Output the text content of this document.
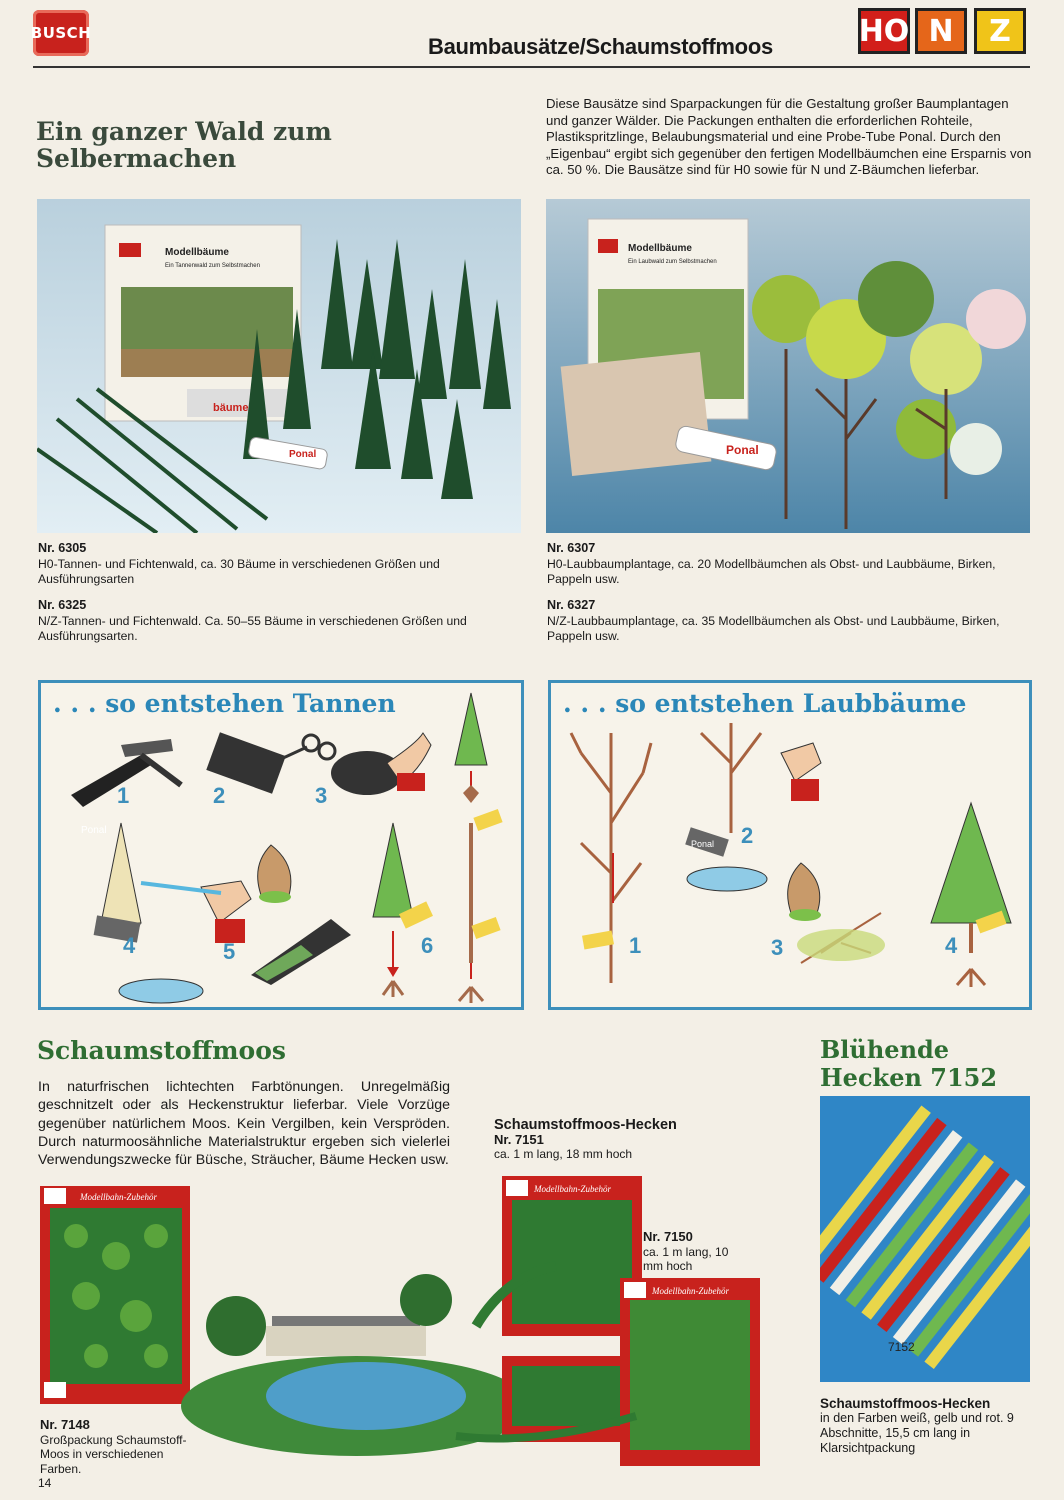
BUSCH
Baumbausätze/Schaumstoffmoos	HO N	Z
Ein ganzer Wald zum Selbermachen
Diese Bausätze sind Sparpackungen für die Gestaltung großer Baumplantagen und ganzer Wälder. Die Packungen enthalten die erforderlichen Rohteile, Plastikspritzlinge, Belaubungsmaterial und eine Probe-Tube Ponal. Durch den „Eigenbau“ ergibt sich gegenüber den fertigen Modellbäumchen eine Ersparnis von ca. 50 %. Die Bausätze sind für H0 sowie für N und Z-Bäumchen lieferbar.
Ponal
Modellbäume
Ein Tannenwald zum Selbstmachen
bäume
Ponal
Modellbäume
Ein Laubwald zum Selbstmachen
Nr. 6305
H0-Tannen- und Fichtenwald, ca. 30 Bäume in verschiedenen Größen und Ausführungsarten
Nr. 6325
N/Z-Tannen- und Fichtenwald. Ca. 50–55 Bäume in verschiedenen Größen und Ausführungsarten.
Nr. 6307
H0-Laubbaumplantage, ca. 20 Modellbäumchen als Obst- und Laubbäume, Birken, Pappeln usw.
Nr. 6327
N/Z-Laubbaumplantage, ca. 35 Modellbäumchen als Obst- und Laubbäume, Birken, Pappeln usw.
. . . so entstehen Tannen
Ponal
1	2	3
4	5	6
. . . so entstehen Laubbäume
Ponal
1
2
3	4
Schaumstoffmoos
In naturfrischen lichtechten Farbtönungen. Unregelmäßig geschnitzelt oder als Heckenstruktur lieferbar. Viele Vorzüge gegenüber natürlichem Moos. Kein Vergilben, kein Verspröden. Durch naturmoosähnliche Materialstruktur ergeben sich vielerlei Verwendungszwecke für Büsche, Sträucher, Bäume Hecken usw.
Schaumstoffmoos-Hecken
Nr. 7151
ca. 1 m lang, 18 mm hoch
Nr. 7150
ca. 1 m lang, 10 mm hoch
Modellbahn-Zubehör
Modellbahn-Zubehör
Modellbahn-Zubehör
Nr. 7148
Großpackung Schaumstoff-Moos in verschiedenen Farben.
Blühende
Hecken 7152
7152
Schaumstoffmoos-Hecken
in den Farben weiß, gelb und rot. 9 Abschnitte, 15,5 cm lang in Klarsichtpackung
14
